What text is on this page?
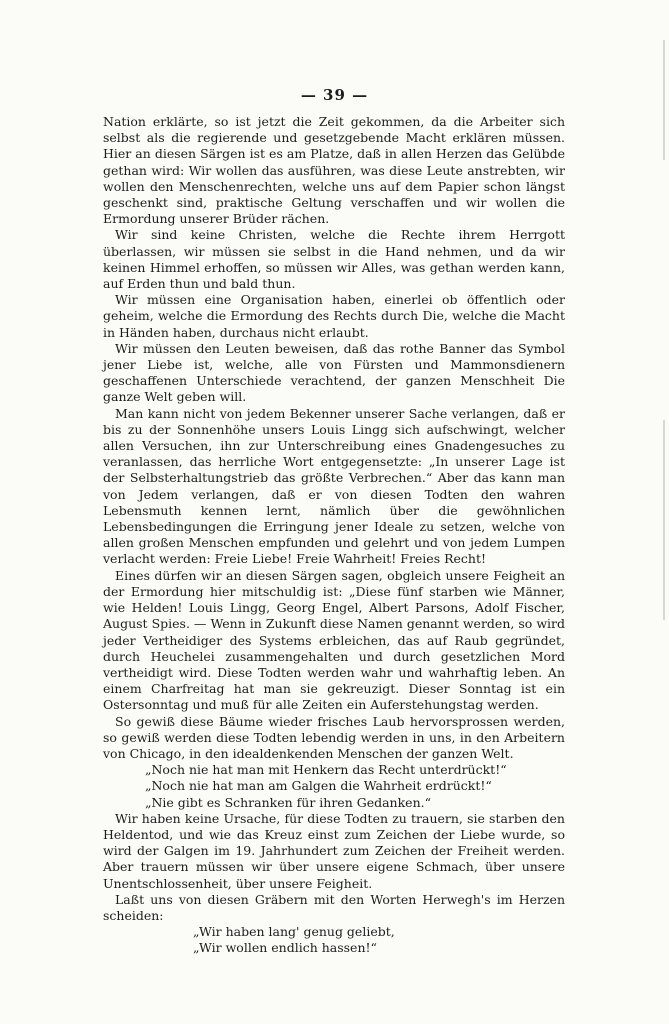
— 39 —

Nation erklärte, so ist jetzt die Zeit gekommen, da die Arbeiter sich selbst als die regierende und gesetzgebende Macht erklären müssen. Hier an diesen Särgen ist es am Platze, daß in allen Herzen das Gelübde gethan wird: Wir wollen das ausführen, was diese Leute anstrebten, wir wollen den Menschenrechten, welche uns auf dem Papier schon längst geschenkt sind, praktische Geltung verschaffen und wir wollen die Ermordung unserer Brüder rächen.

Wir sind keine Christen, welche die Rechte ihrem Herrgott überlassen, wir müssen sie selbst in die Hand nehmen, und da wir keinen Himmel erhoffen, so müssen wir Alles, was gethan werden kann, auf Erden thun und bald thun.

Wir müssen eine Organisation haben, einerlei ob öffentlich oder geheim, welche die Ermordung des Rechts durch Die, welche die Macht in Händen haben, durchaus nicht erlaubt.

Wir müssen den Leuten beweisen, daß das rothe Banner das Symbol jener Liebe ist, welche, alle von Fürsten und Mammonsdienern geschaffenen Unterschiede verachtend, der ganzen Menschheit Die ganze Welt geben will.

Man kann nicht von jedem Bekenner unserer Sache verlangen, daß er bis zu der Sonnenhöhe unsers Louis Lingg sich aufschwingt, welcher allen Versuchen, ihn zur Unterschreibung eines Gnadengesuches zu veranlassen, das herrliche Wort entgegensetzte: „In unserer Lage ist der Selbsterhaltungstrieb das größte Verbrechen.“ Aber das kann man von Jedem verlangen, daß er von diesen Todten den wahren Lebensmuth kennen lernt, nämlich über die gewöhnlichen Lebensbedingungen die Erringung jener Ideale zu setzen, welche von allen großen Menschen empfunden und gelehrt und von jedem Lumpen verlacht werden: Freie Liebe! Freie Wahrheit! Freies Recht!

Eines dürfen wir an diesen Särgen sagen, obgleich unsere Feigheit an der Ermordung hier mitschuldig ist: „Diese fünf starben wie Männer, wie Helden! Louis Lingg, Georg Engel, Albert Parsons, Adolf Fischer, August Spies. — Wenn in Zukunft diese Namen genannt werden, so wird jeder Vertheidiger des Systems erbleichen, das auf Raub gegründet, durch Heuchelei zusammengehalten und durch gesetzlichen Mord vertheidigt wird. Diese Todten werden wahr und wahrhaftig leben. An einem Charfreitag hat man sie gekreuzigt. Dieser Sonntag ist ein Ostersonntag und muß für alle Zeiten ein Auferstehungstag werden.

So gewiß diese Bäume wieder frisches Laub hervorsprossen werden, so gewiß werden diese Todten lebendig werden in uns, in den Arbeitern von Chicago, in den idealdenkenden Menschen der ganzen Welt.

„Noch nie hat man mit Henkern das Recht unterdrückt!“

„Noch nie hat man am Galgen die Wahrheit erdrückt!“

„Nie gibt es Schranken für ihren Gedanken.“

Wir haben keine Ursache, für diese Todten zu trauern, sie starben den Heldentod, und wie das Kreuz einst zum Zeichen der Liebe wurde, so wird der Galgen im 19. Jahrhundert zum Zeichen der Freiheit werden. Aber trauern müssen wir über unsere eigene Schmach, über unsere Unentschlossenheit, über unsere Feigheit.

Laßt uns von diesen Gräbern mit den Worten Herwegh's im Herzen scheiden:

„Wir haben lang' genug geliebt,

„Wir wollen endlich hassen!“
